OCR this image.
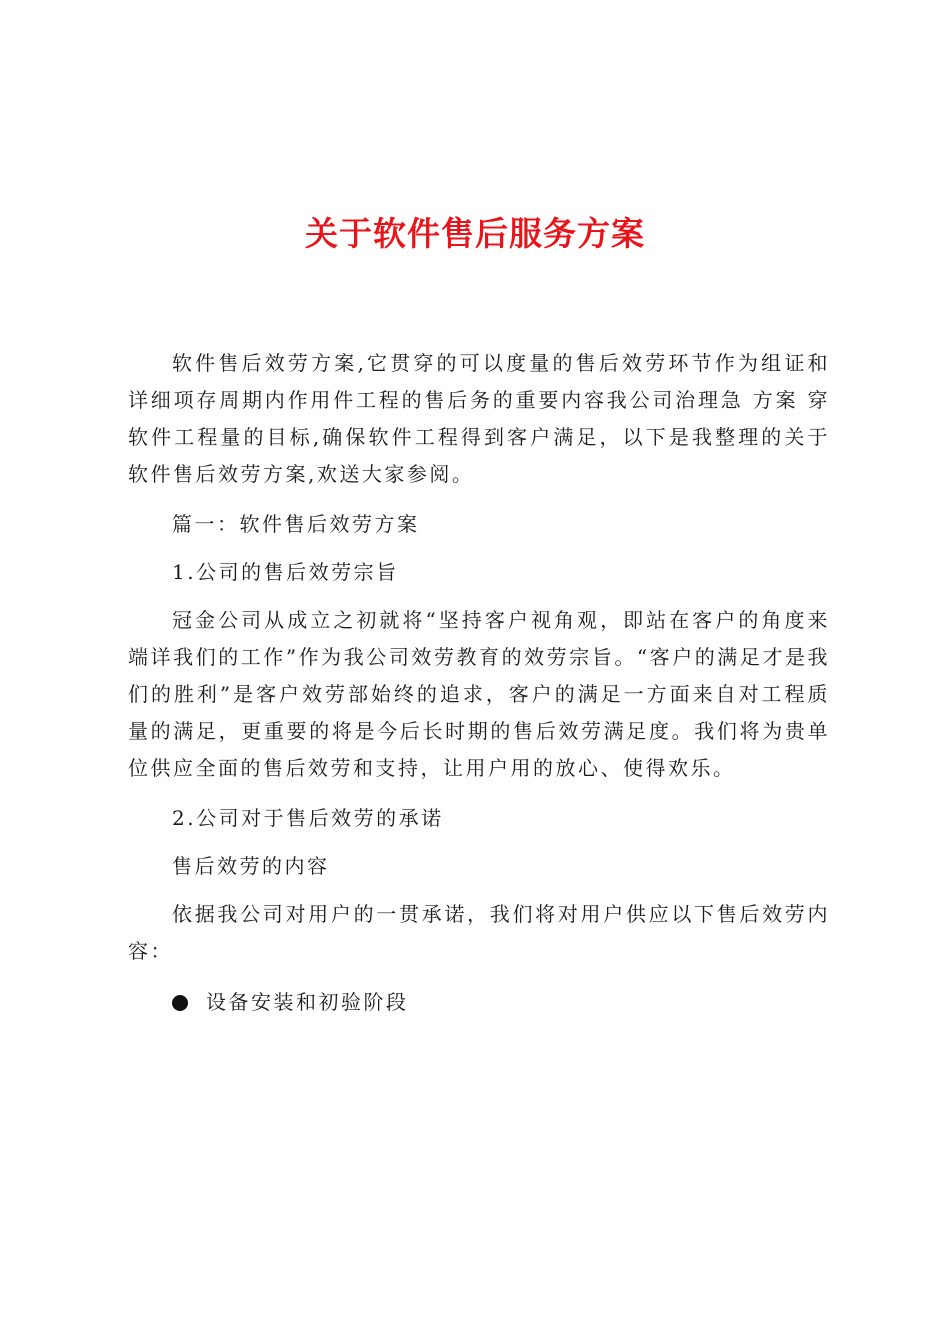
关于软件售后服务方案

软件售后效劳方案,它贯穿的可以度量的售后效劳环节作为组证和详细项存周期内作用件工程的售后务的重要内容我公司治理急 方案 穿软件工程量的目标,确保软件工程得到客户满足，以下是我整理的关于软件售后效劳方案,欢送大家参阅。

篇一：软件售后效劳方案

1.公司的售后效劳宗旨

冠金公司从成立之初就将“坚持客户视角观，即站在客户的角度来端详我们的工作”作为我公司效劳教育的效劳宗旨。“客户的满足才是我们的胜利”是客户效劳部始终的追求，客户的满足一方面来自对工程质量的满足，更重要的将是今后长时期的售后效劳满足度。我们将为贵单位供应全面的售后效劳和支持，让用户用的放心、使得欢乐。

2.公司对于售后效劳的承诺

售后效劳的内容

依据我公司对用户的一贯承诺，我们将对用户供应以下售后效劳内容：

设备安装和初验阶段
